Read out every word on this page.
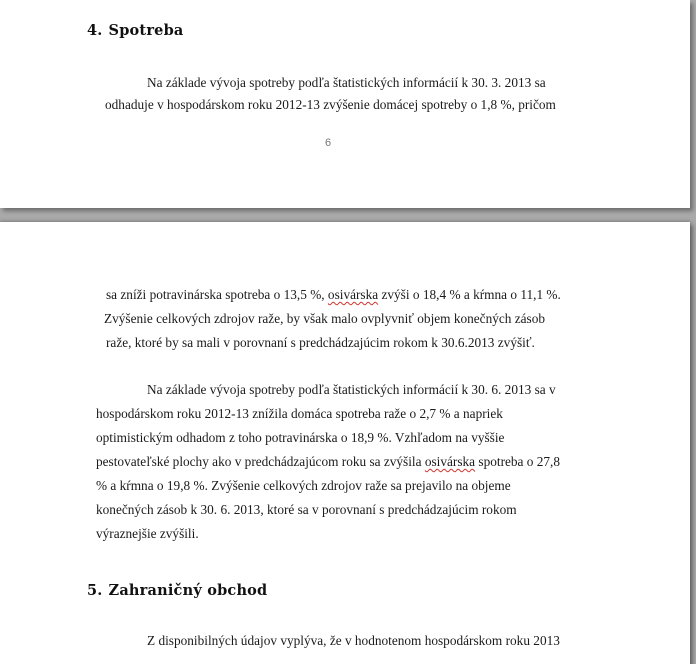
4. Spotreba
Na základe vývoja spotreby podľa štatistických informácií k 30. 3. 2013 sa
odhaduje v hospodárskom roku 2012-13 zvýšenie domácej spotreby o 1,8 %, pričom
6
sa zníži potravinárska spotreba o 13,5 %, osivárska zvýši o 18,4 % a kŕmna o 11,1 %.
Zvýšenie celkových zdrojov raže, by však malo ovplyvniť objem konečných zásob
raže, ktoré by sa mali v porovnaní s predchádzajúcim rokom k 30.6.2013 zvýšiť.
Na základe vývoja spotreby podľa štatistických informácií k 30. 6. 2013 sa v
hospodárskom roku 2012-13 znížila domáca spotreba raže o 2,7 % a napriek
optimistickým odhadom z toho potravinárska o 18,9 %. Vzhľadom na vyššie
pestovateľské plochy ako v predchádzajúcom roku sa zvýšila osivárska spotreba o 27,8
% a kŕmna o 19,8 %. Zvýšenie celkových zdrojov raže sa prejavilo na objeme
konečných zásob k 30. 6. 2013, ktoré sa v porovnaní s predchádzajúcim rokom
výraznejšie zvýšili.
5. Zahraničný obchod
Z disponibilných údajov vyplýva, že v hodnotenom hospodárskom roku 2013
